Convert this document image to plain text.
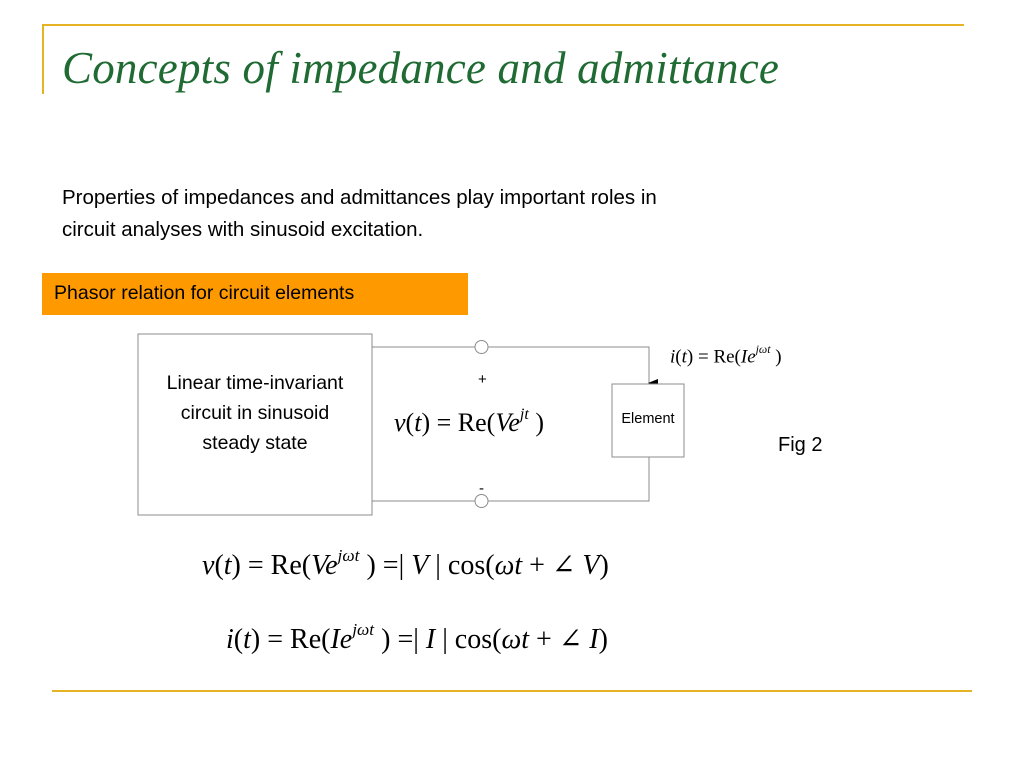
Concepts of impedance and admittance
Properties of impedances and admittances play important roles in
circuit analyses with sinusoid excitation.
Phasor relation for circuit elements
Linear time-invariant
circuit in sinusoid
steady state
+
-
Element
Fig 2
$v(t) = Re(Ve^{jt}$ )
$i(t) = Re(Ie^{j\omega t}$ )
$v(t) = Re(Ve^{j\omega t}$ ) =| V | cos(ωt + ∠ V)
$i(t) = Re(Ie^{j\omega t}$ ) =| I | cos(ωt + ∠ I)
